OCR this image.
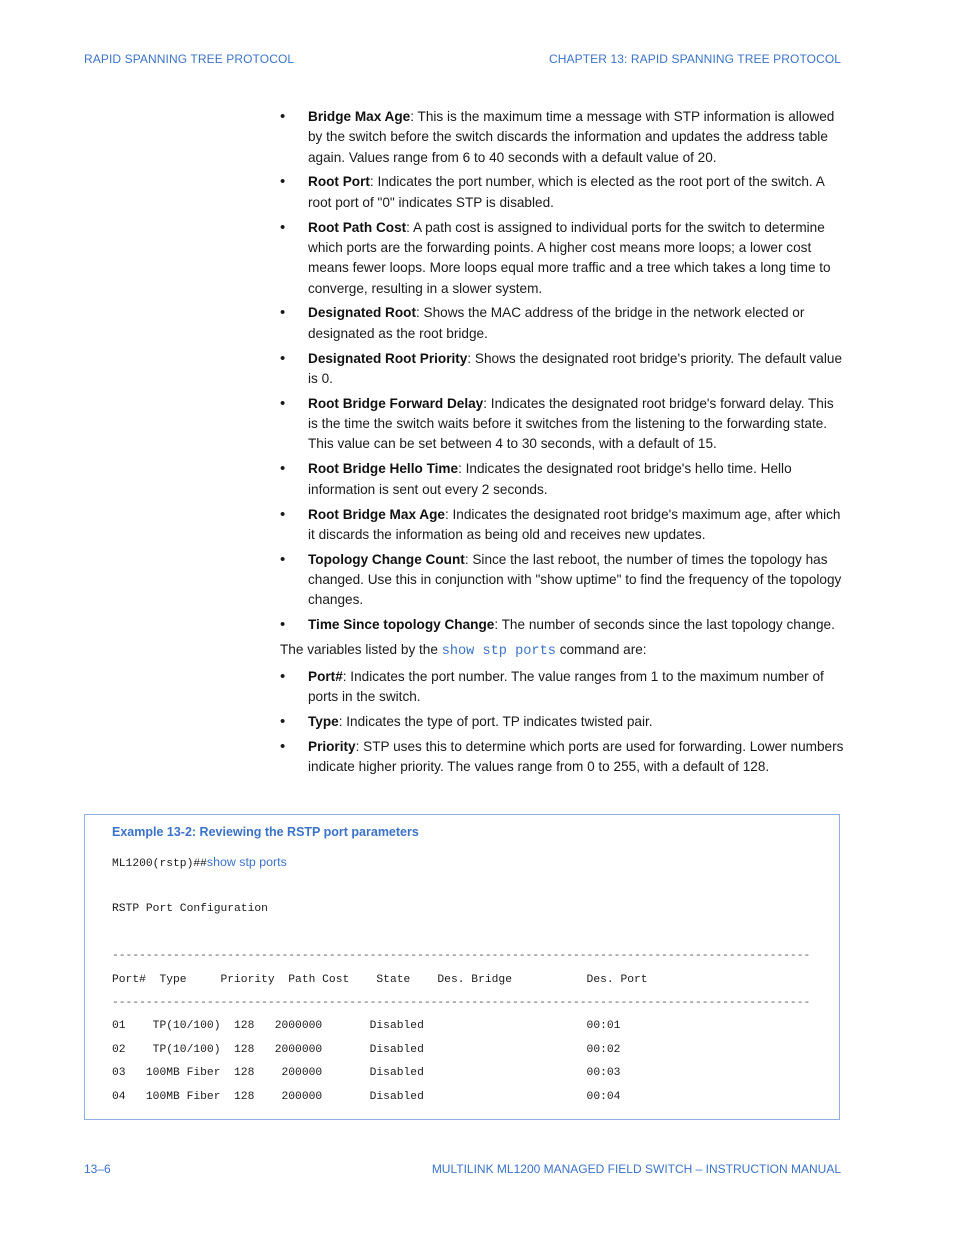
RAPID SPANNING TREE PROTOCOL	CHAPTER 13: RAPID SPANNING TREE PROTOCOL
• Bridge Max Age: This is the maximum time a message with STP information is allowed by the switch before the switch discards the information and updates the address table again. Values range from 6 to 40 seconds with a default value of 20.
• Root Port: Indicates the port number, which is elected as the root port of the switch. A root port of "0" indicates STP is disabled.
• Root Path Cost: A path cost is assigned to individual ports for the switch to determine which ports are the forwarding points. A higher cost means more loops; a lower cost means fewer loops. More loops equal more traffic and a tree which takes a long time to converge, resulting in a slower system.
• Designated Root: Shows the MAC address of the bridge in the network elected or designated as the root bridge.
• Designated Root Priority: Shows the designated root bridge's priority. The default value is 0.
• Root Bridge Forward Delay: Indicates the designated root bridge's forward delay. This is the time the switch waits before it switches from the listening to the forwarding state. This value can be set between 4 to 30 seconds, with a default of 15.
• Root Bridge Hello Time: Indicates the designated root bridge's hello time. Hello information is sent out every 2 seconds.
• Root Bridge Max Age: Indicates the designated root bridge's maximum age, after which it discards the information as being old and receives new updates.
• Topology Change Count: Since the last reboot, the number of times the topology has changed. Use this in conjunction with "show uptime" to find the frequency of the topology changes.
• Time Since topology Change: The number of seconds since the last topology change.

The variables listed by the show stp ports command are:

• Port#: Indicates the port number. The value ranges from 1 to the maximum number of ports in the switch.
• Type: Indicates the type of port. TP indicates twisted pair.
• Priority: STP uses this to determine which ports are used for forwarding. Lower numbers indicate higher priority. The values range from 0 to 255, with a default of 128.
Example 13-2: Reviewing the RSTP port parameters
ML1200(rstp)##show stp ports
RSTP Port Configuration
-------------------------------------------------------------------------------------------------------
Port#  Type     Priority  Path Cost    State    Des. Bridge           Des. Port
-------------------------------------------------------------------------------------------------------
01    TP(10/100)  128   2000000       Disabled                        00:01
02    TP(10/100)  128   2000000       Disabled                        00:02
03   100MB Fiber  128    200000       Disabled                        00:03
04   100MB Fiber  128    200000       Disabled                        00:04
13–6	MULTILINK ML1200 MANAGED FIELD SWITCH – INSTRUCTION MANUAL
